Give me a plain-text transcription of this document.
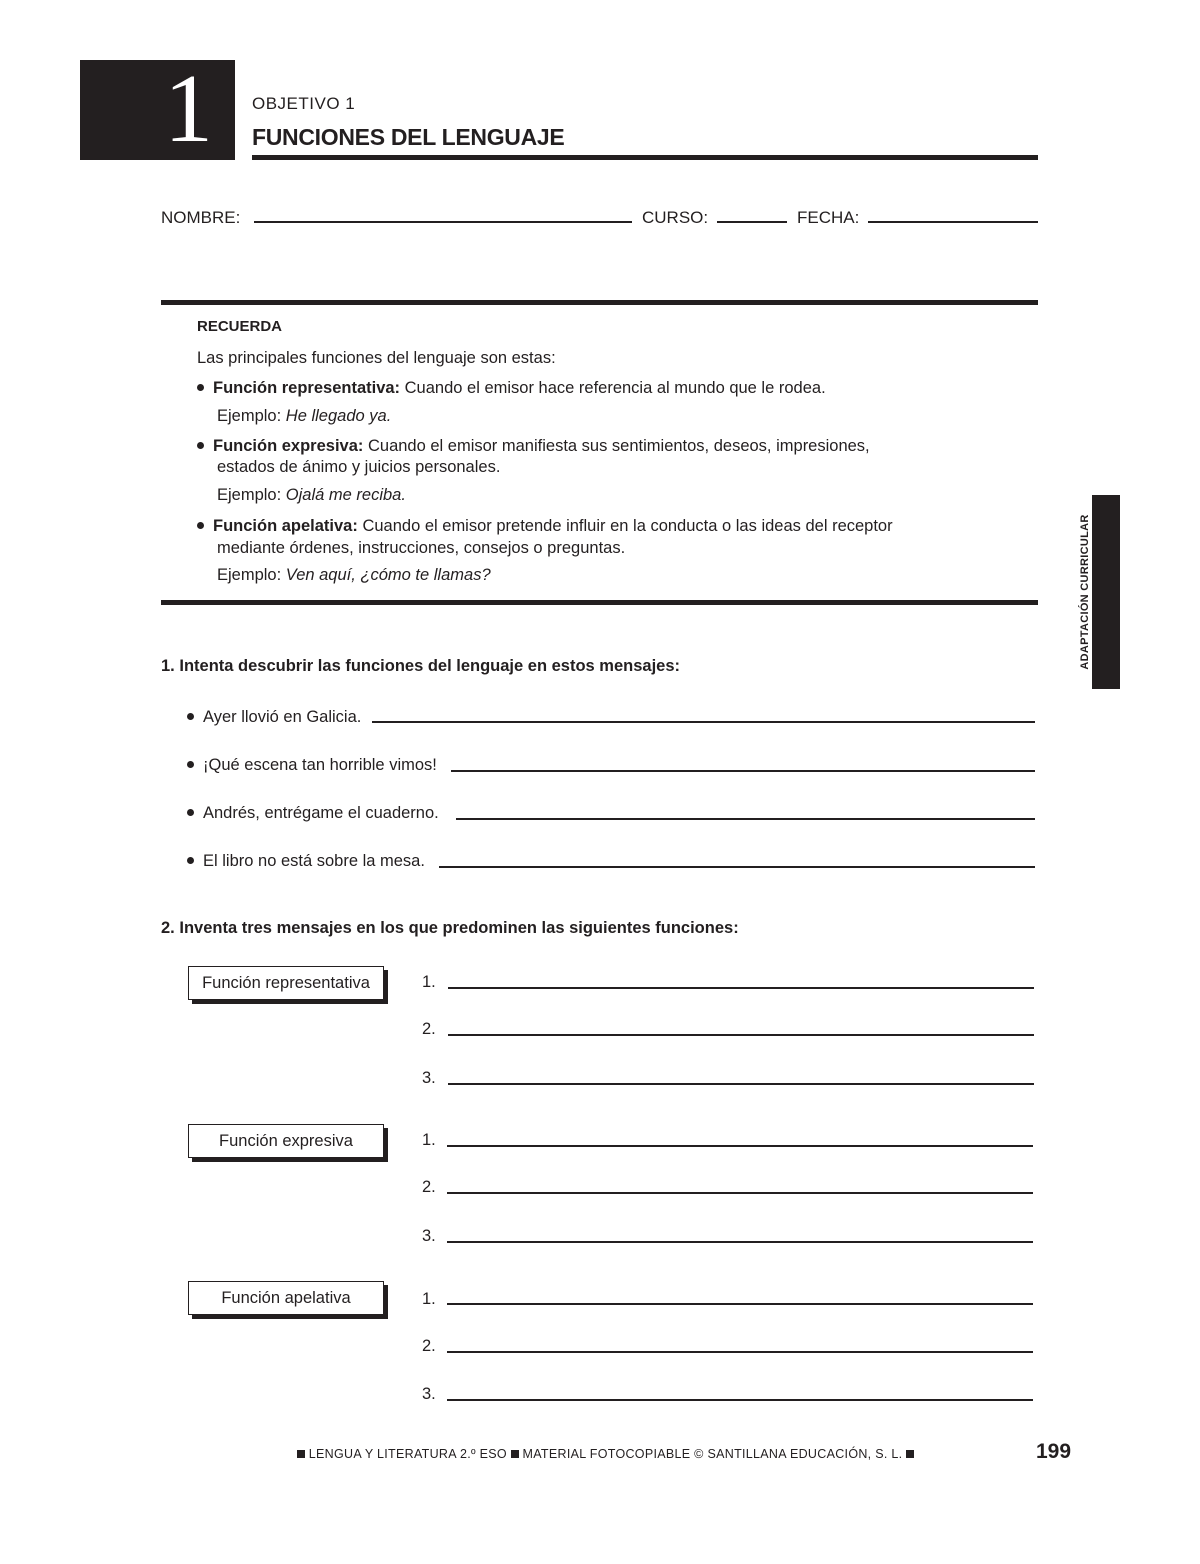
1 OBJETIVO 1
FUNCIONES DEL LENGUAJE
NOMBRE:	CURSO:	FECHA:
RECUERDA
Las principales funciones del lenguaje son estas:
Función representativa: Cuando el emisor hace referencia al mundo que le rodea.
Ejemplo: He llegado ya.
Función expresiva: Cuando el emisor manifiesta sus sentimientos, deseos, impresiones,
estados de ánimo y juicios personales.
Ejemplo: Ojalá me reciba.
Función apelativa: Cuando el emisor pretende influir en la conducta o las ideas del receptor
mediante órdenes, instrucciones, consejos o preguntas.
Ejemplo: Ven aquí, ¿cómo te llamas?	ADAPTACIÓN CURRICULAR
1. Intenta descubrir las funciones del lenguaje en estos mensajes:
Ayer llovió en Galicia.
¡Qué escena tan horrible vimos!
Andrés, entrégame el cuaderno.
El libro no está sobre la mesa.
2. Inventa tres mensajes en los que predominen las siguientes funciones:
Función representativa	1.
2.
3.
Función expresiva	1.
2.
3.
Función apelativa	1.
2.
3.
LENGUA Y LITERATURA 2.º ESO MATERIAL FOTOCOPIABLE © SANTILLANA EDUCACIÓN, S. L.	199
